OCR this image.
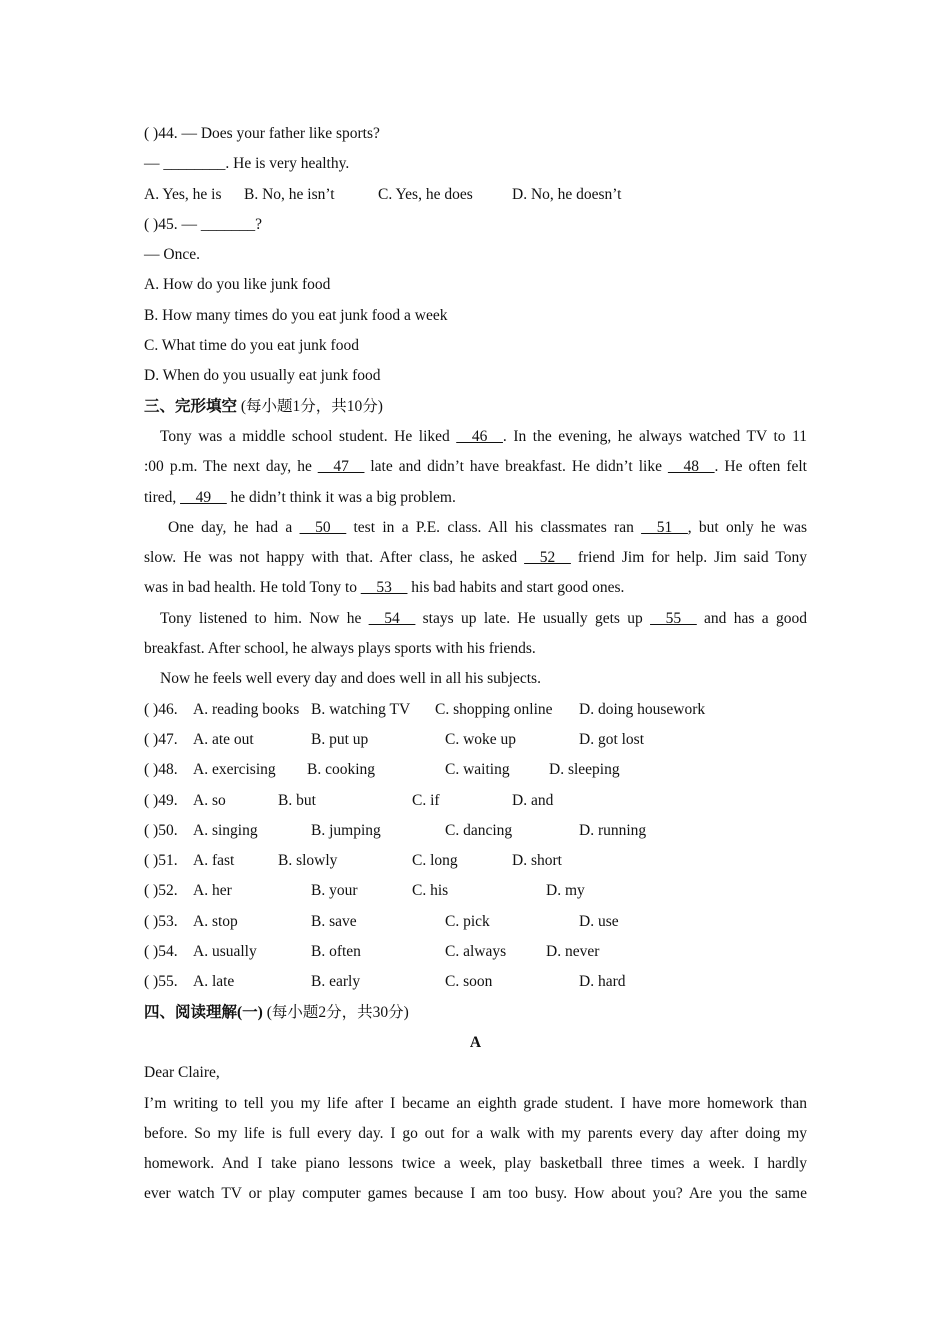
( )44. — Does your father like sports?
— ________. He is very healthy.
A. Yes, he is B. No, he isn’t	C. Yes, he does	D. No, he doesn’t
( )45. — _______?
— Once.
A. How do you like junk food
B. How many times do you eat junk food a week
C. What time do you eat junk food
D. When do you usually eat junk food
三、完形填空 (每小题1分，共10分)
Tony was a middle school student. He liked __46__. In the evening, he always watched TV to 11
:00 p.m. The next day, he __47__ late and didn’t have breakfast. He didn’t like __48__. He often felt
tired, __49__ he didn’t think it was a big problem.
One day, he had a __50__ test in a P.E. class. All his classmates ran __51__, but only he was
slow. He was not happy with that. After class, he asked __52__ friend Jim for help. Jim said Tony
was in bad health. He told Tony to __53__ his bad habits and start good ones.
Tony listened to him. Now he __54__ stays up late. He usually gets up __55__ and has a good
breakfast. After school, he always plays sports with his friends.
Now he feels well every day and does well in all his subjects.
( )46. A. reading books B. watching TV C. shopping online D. doing housework
( )47. A. ate out	B. put up	C. woke up	D. got lost
( )48. A. exercising B. cooking	C. waiting	D. sleeping
( )49. A. so	B. but	C. if	D. and
( )50. A. singing	B. jumping	C. dancing	D. running
( )51. A. fast	B. slowly	C. long	D. short
( )52. A. her	B. your	C. his	D. my
( )53. A. stop	B. save	C. pick	D. use
( )54. A. usually	B. often	C. always	D. never
( )55. A. late	B. early	C. soon	D. hard
四、阅读理解(一) (每小题2分，共30分)
A
Dear Claire,
I’m writing to tell you my life after I became an eighth grade student. I have more homework than
before. So my life is full every day. I go out for a walk with my parents every day after doing my
homework. And I take piano lessons twice a week, play basketball three times a week. I hardly
ever watch TV or play computer games because I am too busy. How about you? Are you the same
